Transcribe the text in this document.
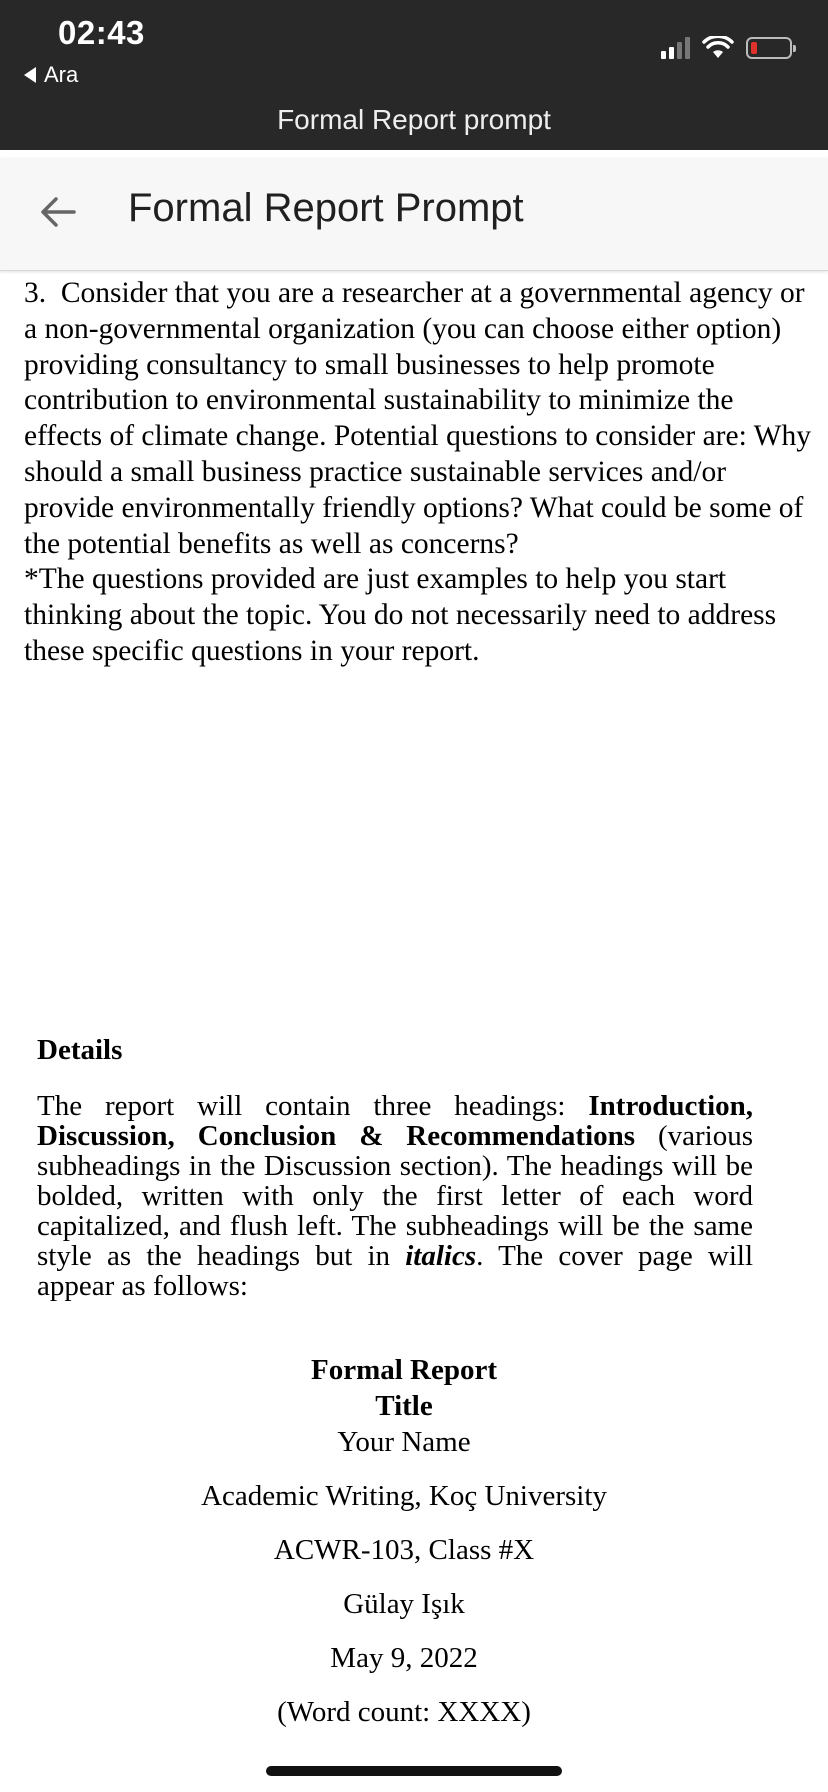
02:43
Ara
Formal Report prompt
Formal Report Prompt

3. Consider that you are a researcher at a governmental agency or a non-governmental organization (you can choose either option) providing consultancy to small businesses to help promote contribution to environmental sustainability to minimize the effects of climate change. Potential questions to consider are: Why should a small business practice sustainable services and/or provide environmentally friendly options? What could be some of the potential benefits as well as concerns?
*The questions provided are just examples to help you start thinking about the topic. You do not necessarily need to address these specific questions in your report.

Details

The report will contain three headings: Introduction, Discussion, Conclusion & Recommendations (various subheadings in the Discussion section). The headings will be bolded, written with only the first letter of each word capitalized, and flush left. The subheadings will be the same style as the headings but in italics. The cover page will appear as follows:

Formal Report
Title
Your Name
Academic Writing, Koç University
ACWR-103, Class #X
Gülay Işık
May 9, 2022
(Word count: XXXX)
